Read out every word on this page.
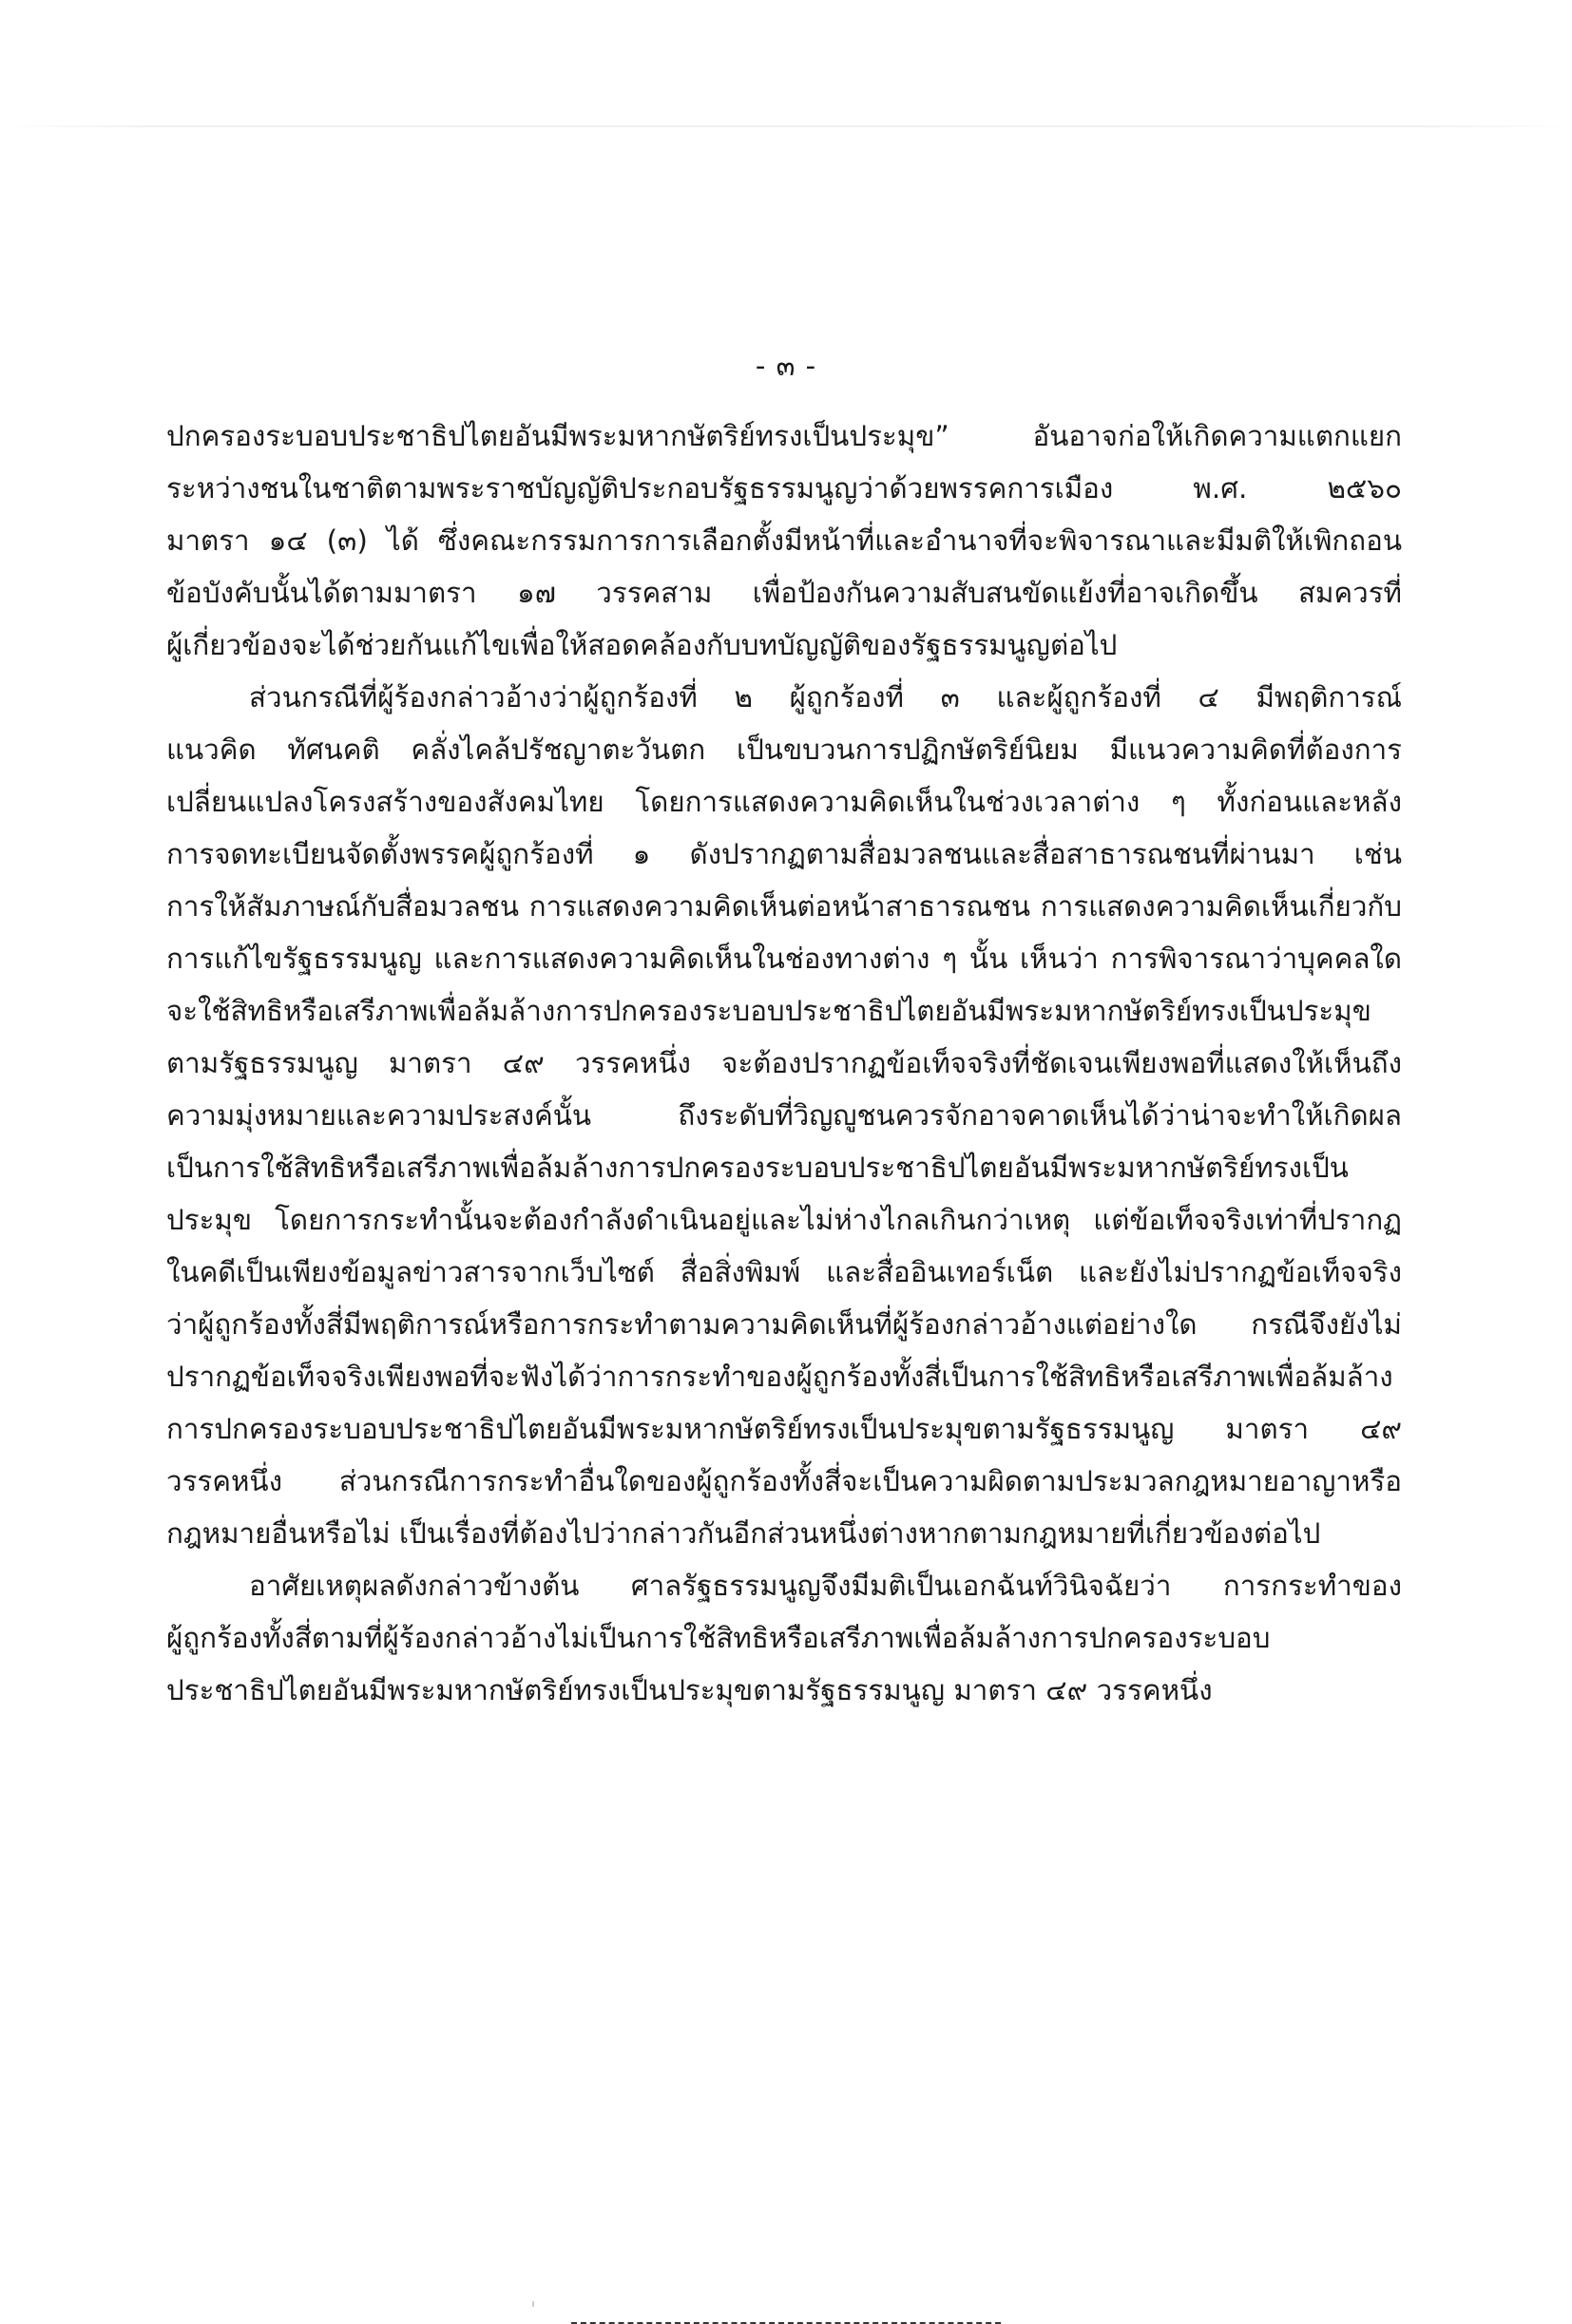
- ๓ -
ปกครองระบอบประชาธิปไตยอันมีพระมหากษัตริย์ทรงเป็นประมุข” อันอาจก่อให้เกิดความแตกแยก
ระหว่างชนในชาติตามพระราชบัญญัติประกอบรัฐธรรมนูญว่าด้วยพรรคการเมือง พ.ศ. ๒๕๖๐
มาตรา ๑๔ (๓) ได้ ซึ่งคณะกรรมการการเลือกตั้งมีหน้าที่และอำนาจที่จะพิจารณาและมีมติให้เพิกถอน
ข้อบังคับนั้นได้ตามมาตรา ๑๗ วรรคสาม เพื่อป้องกันความสับสนขัดแย้งที่อาจเกิดขึ้น สมควรที่
ผู้เกี่ยวข้องจะได้ช่วยกันแก้ไขเพื่อให้สอดคล้องกับบทบัญญัติของรัฐธรรมนูญต่อไป
ส่วนกรณีที่ผู้ร้องกล่าวอ้างว่าผู้ถูกร้องที่ ๒ ผู้ถูกร้องที่ ๓ และผู้ถูกร้องที่ ๔ มีพฤติการณ์
แนวคิด ทัศนคติ คลั่งไคล้ปรัชญาตะวันตก เป็นขบวนการปฏิกษัตริย์นิยม มีแนวความคิดที่ต้องการ
เปลี่ยนแปลงโครงสร้างของสังคมไทย โดยการแสดงความคิดเห็นในช่วงเวลาต่าง ๆ ทั้งก่อนและหลัง
การจดทะเบียนจัดตั้งพรรคผู้ถูกร้องที่ ๑ ดังปรากฏตามสื่อมวลชนและสื่อสาธารณชนที่ผ่านมา เช่น
การให้สัมภาษณ์กับสื่อมวลชน การแสดงความคิดเห็นต่อหน้าสาธารณชน การแสดงความคิดเห็นเกี่ยวกับ
การแก้ไขรัฐธรรมนูญ และการแสดงความคิดเห็นในช่องทางต่าง ๆ นั้น เห็นว่า การพิจารณาว่าบุคคลใด
จะใช้สิทธิหรือเสรีภาพเพื่อล้มล้างการปกครองระบอบประชาธิปไตยอันมีพระมหากษัตริย์ทรงเป็นประมุข
ตามรัฐธรรมนูญ มาตรา ๔๙ วรรคหนึ่ง จะต้องปรากฏข้อเท็จจริงที่ชัดเจนเพียงพอที่แสดงให้เห็นถึง
ความมุ่งหมายและความประสงค์นั้น ถึงระดับที่วิญญูชนควรจักอาจคาดเห็นได้ว่าน่าจะทำให้เกิดผล
เป็นการใช้สิทธิหรือเสรีภาพเพื่อล้มล้างการปกครองระบอบประชาธิปไตยอันมีพระมหากษัตริย์ทรงเป็น
ประมุข โดยการกระทำนั้นจะต้องกำลังดำเนินอยู่และไม่ห่างไกลเกินกว่าเหตุ แต่ข้อเท็จจริงเท่าที่ปรากฏ
ในคดีเป็นเพียงข้อมูลข่าวสารจากเว็บไซต์ สื่อสิ่งพิมพ์ และสื่ออินเทอร์เน็ต และยังไม่ปรากฏข้อเท็จจริง
ว่าผู้ถูกร้องทั้งสี่มีพฤติการณ์หรือการกระทำตามความคิดเห็นที่ผู้ร้องกล่าวอ้างแต่อย่างใด กรณีจึงยังไม่
ปรากฏข้อเท็จจริงเพียงพอที่จะฟังได้ว่าการกระทำของผู้ถูกร้องทั้งสี่เป็นการใช้สิทธิหรือเสรีภาพเพื่อล้มล้าง
การปกครองระบอบประชาธิปไตยอันมีพระมหากษัตริย์ทรงเป็นประมุขตามรัฐธรรมนูญ มาตรา ๔๙
วรรคหนึ่ง ส่วนกรณีการกระทำอื่นใดของผู้ถูกร้องทั้งสี่จะเป็นความผิดตามประมวลกฎหมายอาญาหรือ
กฎหมายอื่นหรือไม่ เป็นเรื่องที่ต้องไปว่ากล่าวกันอีกส่วนหนึ่งต่างหากตามกฎหมายที่เกี่ยวข้องต่อไป
อาศัยเหตุผลดังกล่าวข้างต้น ศาลรัฐธรรมนูญจึงมีมติเป็นเอกฉันท์วินิจฉัยว่า การกระทำของ
ผู้ถูกร้องทั้งสี่ตามที่ผู้ร้องกล่าวอ้างไม่เป็นการใช้สิทธิหรือเสรีภาพเพื่อล้มล้างการปกครองระบอบ
ประชาธิปไตยอันมีพระมหากษัตริย์ทรงเป็นประมุขตามรัฐธรรมนูญ มาตรา ๔๙ วรรคหนึ่ง
